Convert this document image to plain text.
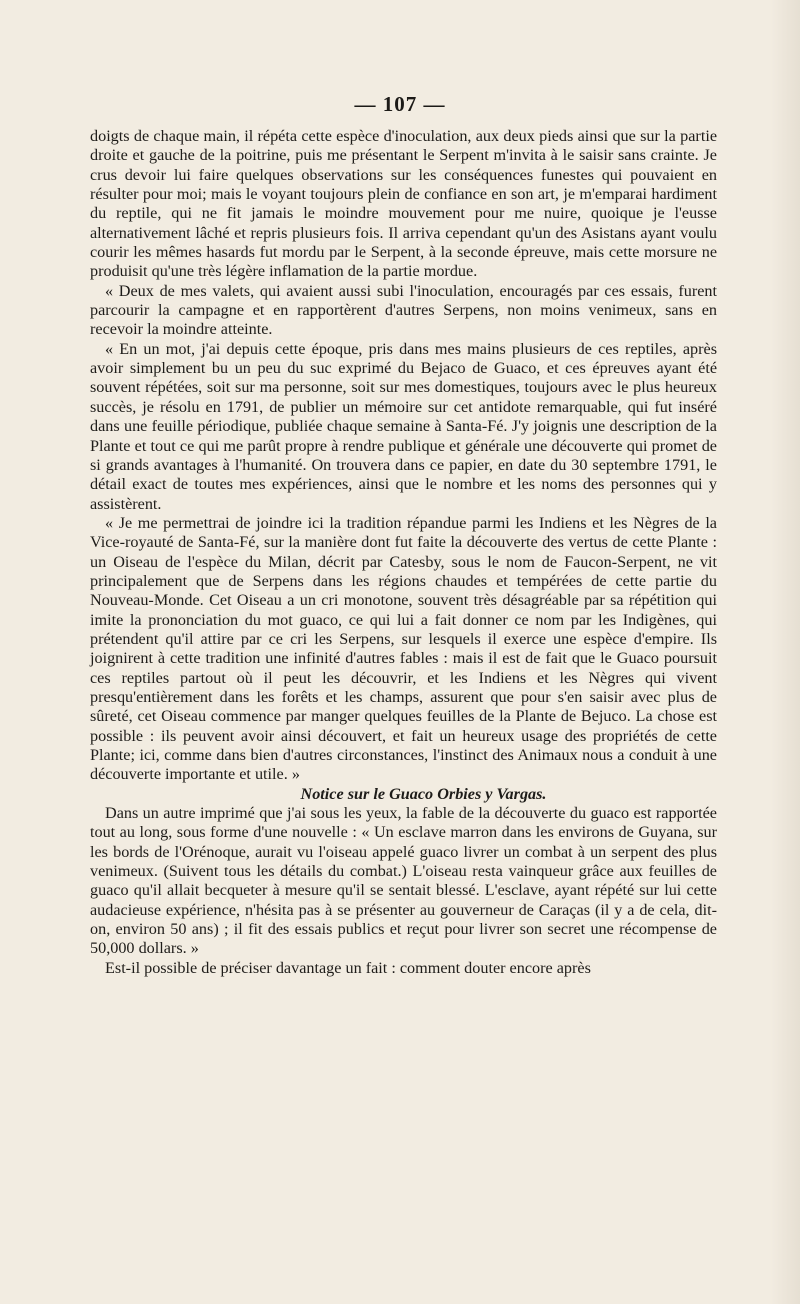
— 107 —

doigts de chaque main, il répéta cette espèce d'inoculation, aux deux pieds ainsi que sur la partie droite et gauche de la poitrine, puis me présentant le Serpent m'invita à le saisir sans crainte. Je crus devoir lui faire quelques observations sur les conséquences funestes qui pouvaient en résulter pour moi; mais le voyant toujours plein de confiance en son art, je m'emparai hardiment du reptile, qui ne fit jamais le moindre mouvement pour me nuire, quoique je l'eusse alternativement lâché et repris plusieurs fois. Il arriva cependant qu'un des Asistans ayant voulu courir les mêmes hasards fut mordu par le Serpent, à la seconde épreuve, mais cette morsure ne produisit qu'une très légère inflamation de la partie mordue.

« Deux de mes valets, qui avaient aussi subi l'inoculation, encouragés par ces essais, furent parcourir la campagne et en rapportèrent d'autres Serpens, non moins venimeux, sans en recevoir la moindre atteinte.

« En un mot, j'ai depuis cette époque, pris dans mes mains plusieurs de ces reptiles, après avoir simplement bu un peu du suc exprimé du Bejaco de Guaco, et ces épreuves ayant été souvent répétées, soit sur ma personne, soit sur mes domestiques, toujours avec le plus heureux succès, je résolu en 1791, de publier un mémoire sur cet antidote remarquable, qui fut inséré dans une feuille périodique, publiée chaque semaine à Santa-Fé. J'y joignis une description de la Plante et tout ce qui me parût propre à rendre publique et générale une découverte qui promet de si grands avantages à l'humanité. On trouvera dans ce papier, en date du 30 septembre 1791, le détail exact de toutes mes expériences, ainsi que le nombre et les noms des personnes qui y assistèrent.

« Je me permettrai de joindre ici la tradition répandue parmi les Indiens et les Nègres de la Vice-royauté de Santa-Fé, sur la manière dont fut faite la découverte des vertus de cette Plante : un Oiseau de l'espèce du Milan, décrit par Catesby, sous le nom de Faucon-Serpent, ne vit principalement que de Serpens dans les régions chaudes et tempérées de cette partie du Nouveau-Monde. Cet Oiseau a un cri monotone, souvent très désagréable par sa répétition qui imite la prononciation du mot guaco, ce qui lui a fait donner ce nom par les Indigènes, qui prétendent qu'il attire par ce cri les Serpens, sur lesquels il exerce une espèce d'empire. Ils joignirent à cette tradition une infinité d'autres fables : mais il est de fait que le Guaco poursuit ces reptiles partout où il peut les découvrir, et les Indiens et les Nègres qui vivent presqu'entièrement dans les forêts et les champs, assurent que pour s'en saisir avec plus de sûreté, cet Oiseau commence par manger quelques feuilles de la Plante de Bejuco. La chose est possible : ils peuvent avoir ainsi découvert, et fait un heureux usage des propriétés de cette Plante; ici, comme dans bien d'autres circonstances, l'instinct des Animaux nous a conduit à une découverte importante et utile. »

Notice sur le Guaco Orbies y Vargas.

Dans un autre imprimé que j'ai sous les yeux, la fable de la découverte du guaco est rapportée tout au long, sous forme d'une nouvelle : « Un esclave marron dans les environs de Guyana, sur les bords de l'Orénoque, aurait vu l'oiseau appelé guaco livrer un combat à un serpent des plus venimeux. (Suivent tous les détails du combat.) L'oiseau resta vainqueur grâce aux feuilles de guaco qu'il allait becqueter à mesure qu'il se sentait blessé. L'esclave, ayant répété sur lui cette audacieuse expérience, n'hésita pas à se présenter au gouverneur de Caraças (il y a de cela, dit-on, environ 50 ans) ; il fit des essais publics et reçut pour livrer son secret une récompense de 50,000 dollars. »

Est-il possible de préciser davantage un fait : comment douter encore après
